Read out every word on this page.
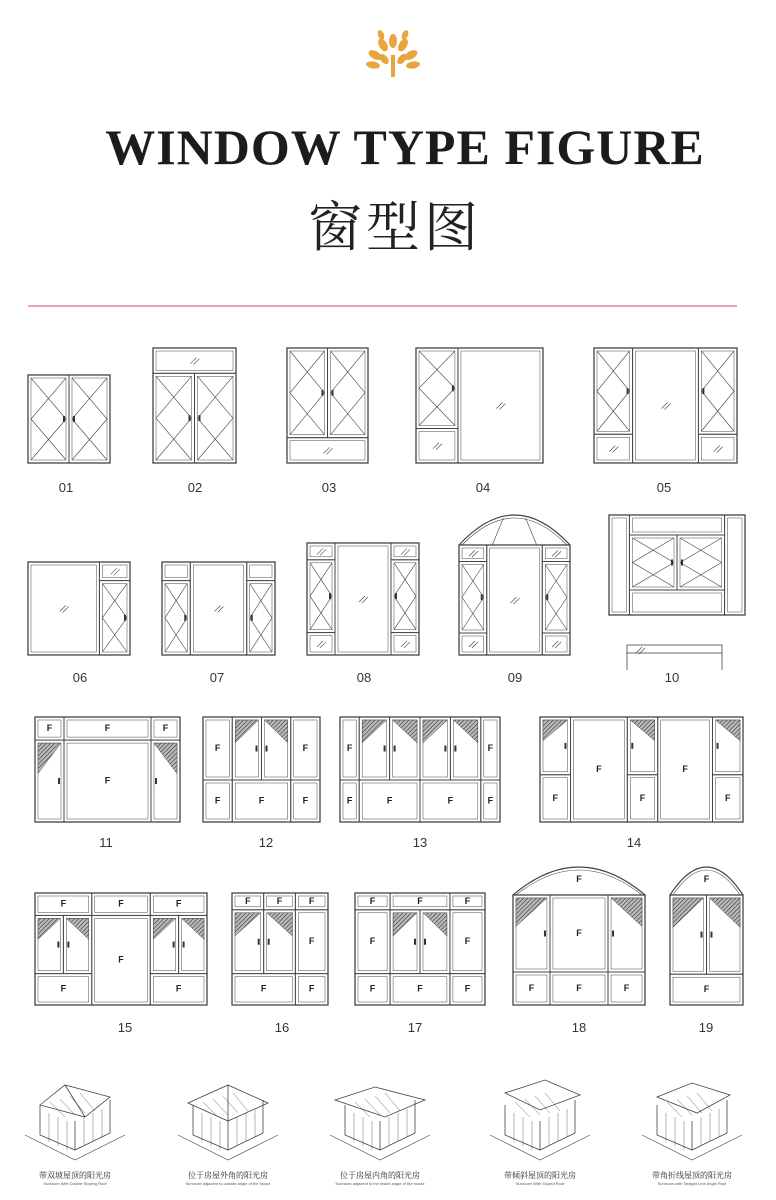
F	F	F
F
F	F
F	F	F
F	F
F	F	F	F	F
F
F
F
F
F	F	F
F
F	F
F	F	F
F
F	F
F
F
F
F
F
F
F
F
F
F
F
F	F
F
F
WINDOW TYPE FIGURE
窗型图
01	02	03	04	05
06	07	08	09	10
11	12	13	14
15	16	17	18	19
带双坡屋顶的阳光房
Sunroom With Double Sloping Roof
位于房屋外角的阳光房
Sunroom adjacent to outside angle of the house
位于房屋内角的阳光房
Sunroom adjacent to the inside angle of the house
带倾斜屋顶的阳光房
Sunroom With Sloped Roof
带角折线屋顶的阳光房
Sunroom with Straight Line Angle Roof
